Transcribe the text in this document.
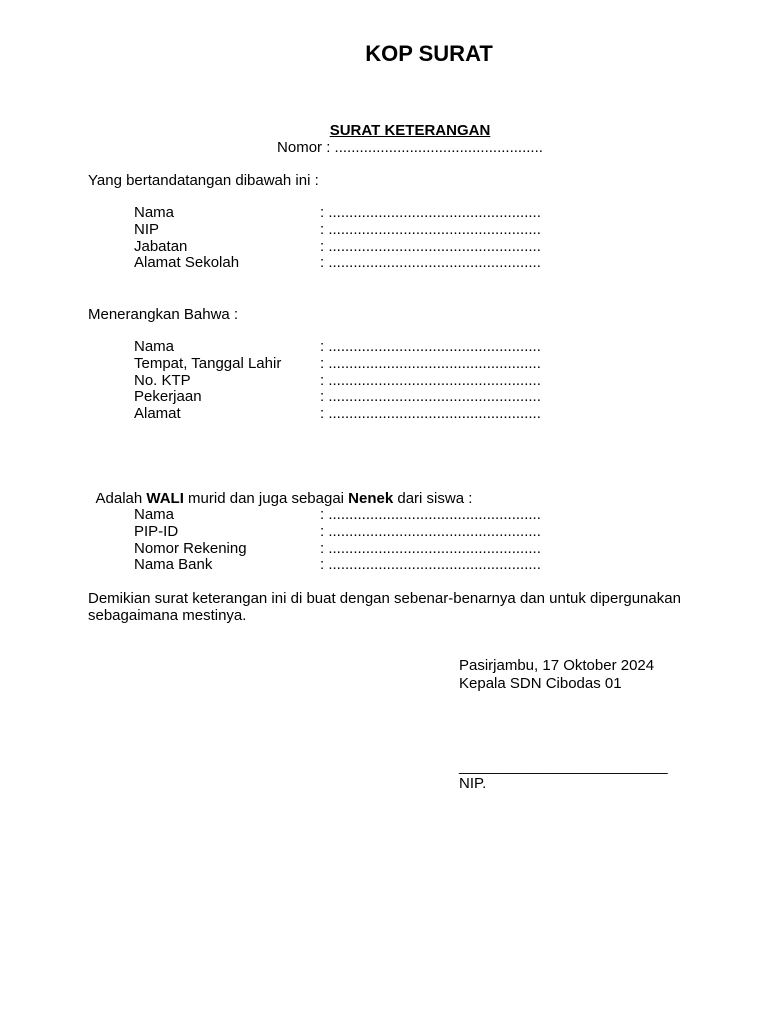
KOP SURAT
SURAT KETERANGAN
Nomor : ..................................................
Yang bertandatangan dibawah ini :
Nama	: ...................................................
NIP	: ...................................................
Jabatan	: ...................................................
Alamat Sekolah	: ...................................................
Menerangkan Bahwa :
Nama	: ...................................................
Tempat, Tanggal Lahir	: ...................................................
No. KTP	: ...................................................
Pekerjaan	: ...................................................
Alamat	: ...................................................

Adalah WALI murid dan juga sebagai Nenek dari siswa :

Nama	: ...................................................
PIP-ID	: ...................................................
Nomor Rekening	: ...................................................
Nama Bank	: ...................................................
Demikian surat keterangan ini di buat dengan sebenar-benarnya dan untuk dipergunakan sebagaimana mestinya.
Pasirjambu, 17 Oktober 2024
Kepala SDN Cibodas 01
_________________________
NIP.
